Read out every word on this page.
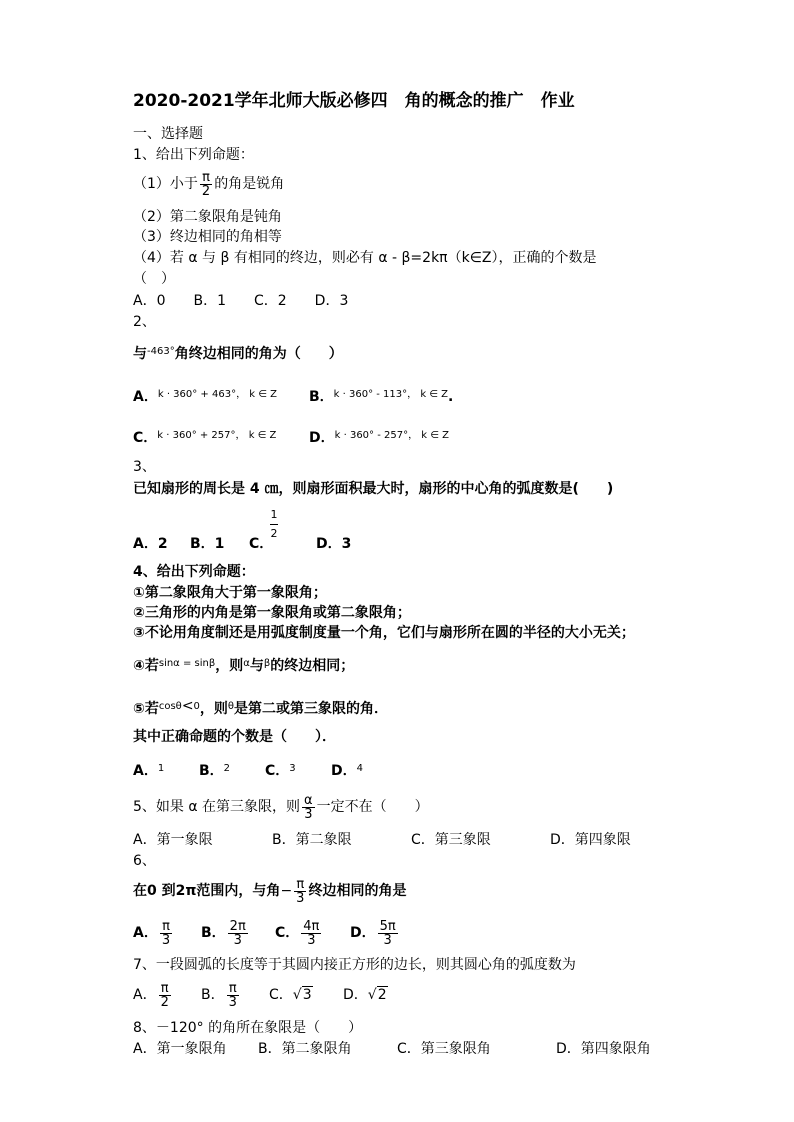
2020-2021学年北师大版必修四　角的概念的推广　作业
一、选择题
1、给出下列命题：
（1）小于 $\frac{\pi}{2}$ 的角是锐角
（2）第二象限角是钝角
（3）终边相同的角相等
（4）若 α 与 β 有相同的终边，则必有 α - β=2kπ（k∈Z），正确的个数是
（　）
A．0　　B．1　　C．2　　D．3
2、
与$^{-463^\circ}$角终边相同的角为（　　）
A．$^{k \cdot 360^\circ + 463^\circ, k \in Z}$ B．$^{k \cdot 360^\circ - 113^\circ, k \in Z}$.
C．$^{k \cdot 360^\circ + 257^\circ, k \in Z}$ D．$^{k \cdot 360^\circ - 257^\circ, k \in Z}$
3、
已知扇形的周长是 4 ㎝，则扇形面积最大时，扇形的中心角的弧度数是(　　)
A．2 B．1 C．
1
2
D．3
4、给出下列命题：
①第二象限角大于第一象限角；
②三角形的内角是第一象限角或第二象限角；
③不论用角度制还是用弧度制度量一个角，它们与扇形所在圆的半径的大小无关；
④若$^{sin\alpha = sin\beta}$，则$^\alpha$与$^\beta$的终边相同；
⑤若$^{cos\theta}$<$^0$，则$^\theta$是第二或第三象限的角．
其中正确命题的个数是（　　）．
A．$^1$ B．$^2$ C．$^3$	D．$^4$
5、如果 α 在第三象限，则 $\frac{\alpha}{3}$ 一定不在（　　）
A．第一象限	B．第二象限	C．第三象限	D．第四象限
6、
在0 到2π范围内，与角− $\frac{\pi}{3}$ 终边相同的角是
A． $\frac{\pi}{3}$ B． $\frac{2\pi}{3}$ C． $\frac{4\pi}{3}$ D． $\frac{5\pi}{3}$
7、一段圆弧的长度等于其圆内接正方形的边长，则其圆心角的弧度数为
A． $\frac{\pi}{2}$ B． $\frac{\pi}{3}$ C．√3 D．√2
8、－120° 的角所在象限是（　　）
A．第一象限角 B．第二象限角	C．第三象限角	D．第四象限角
